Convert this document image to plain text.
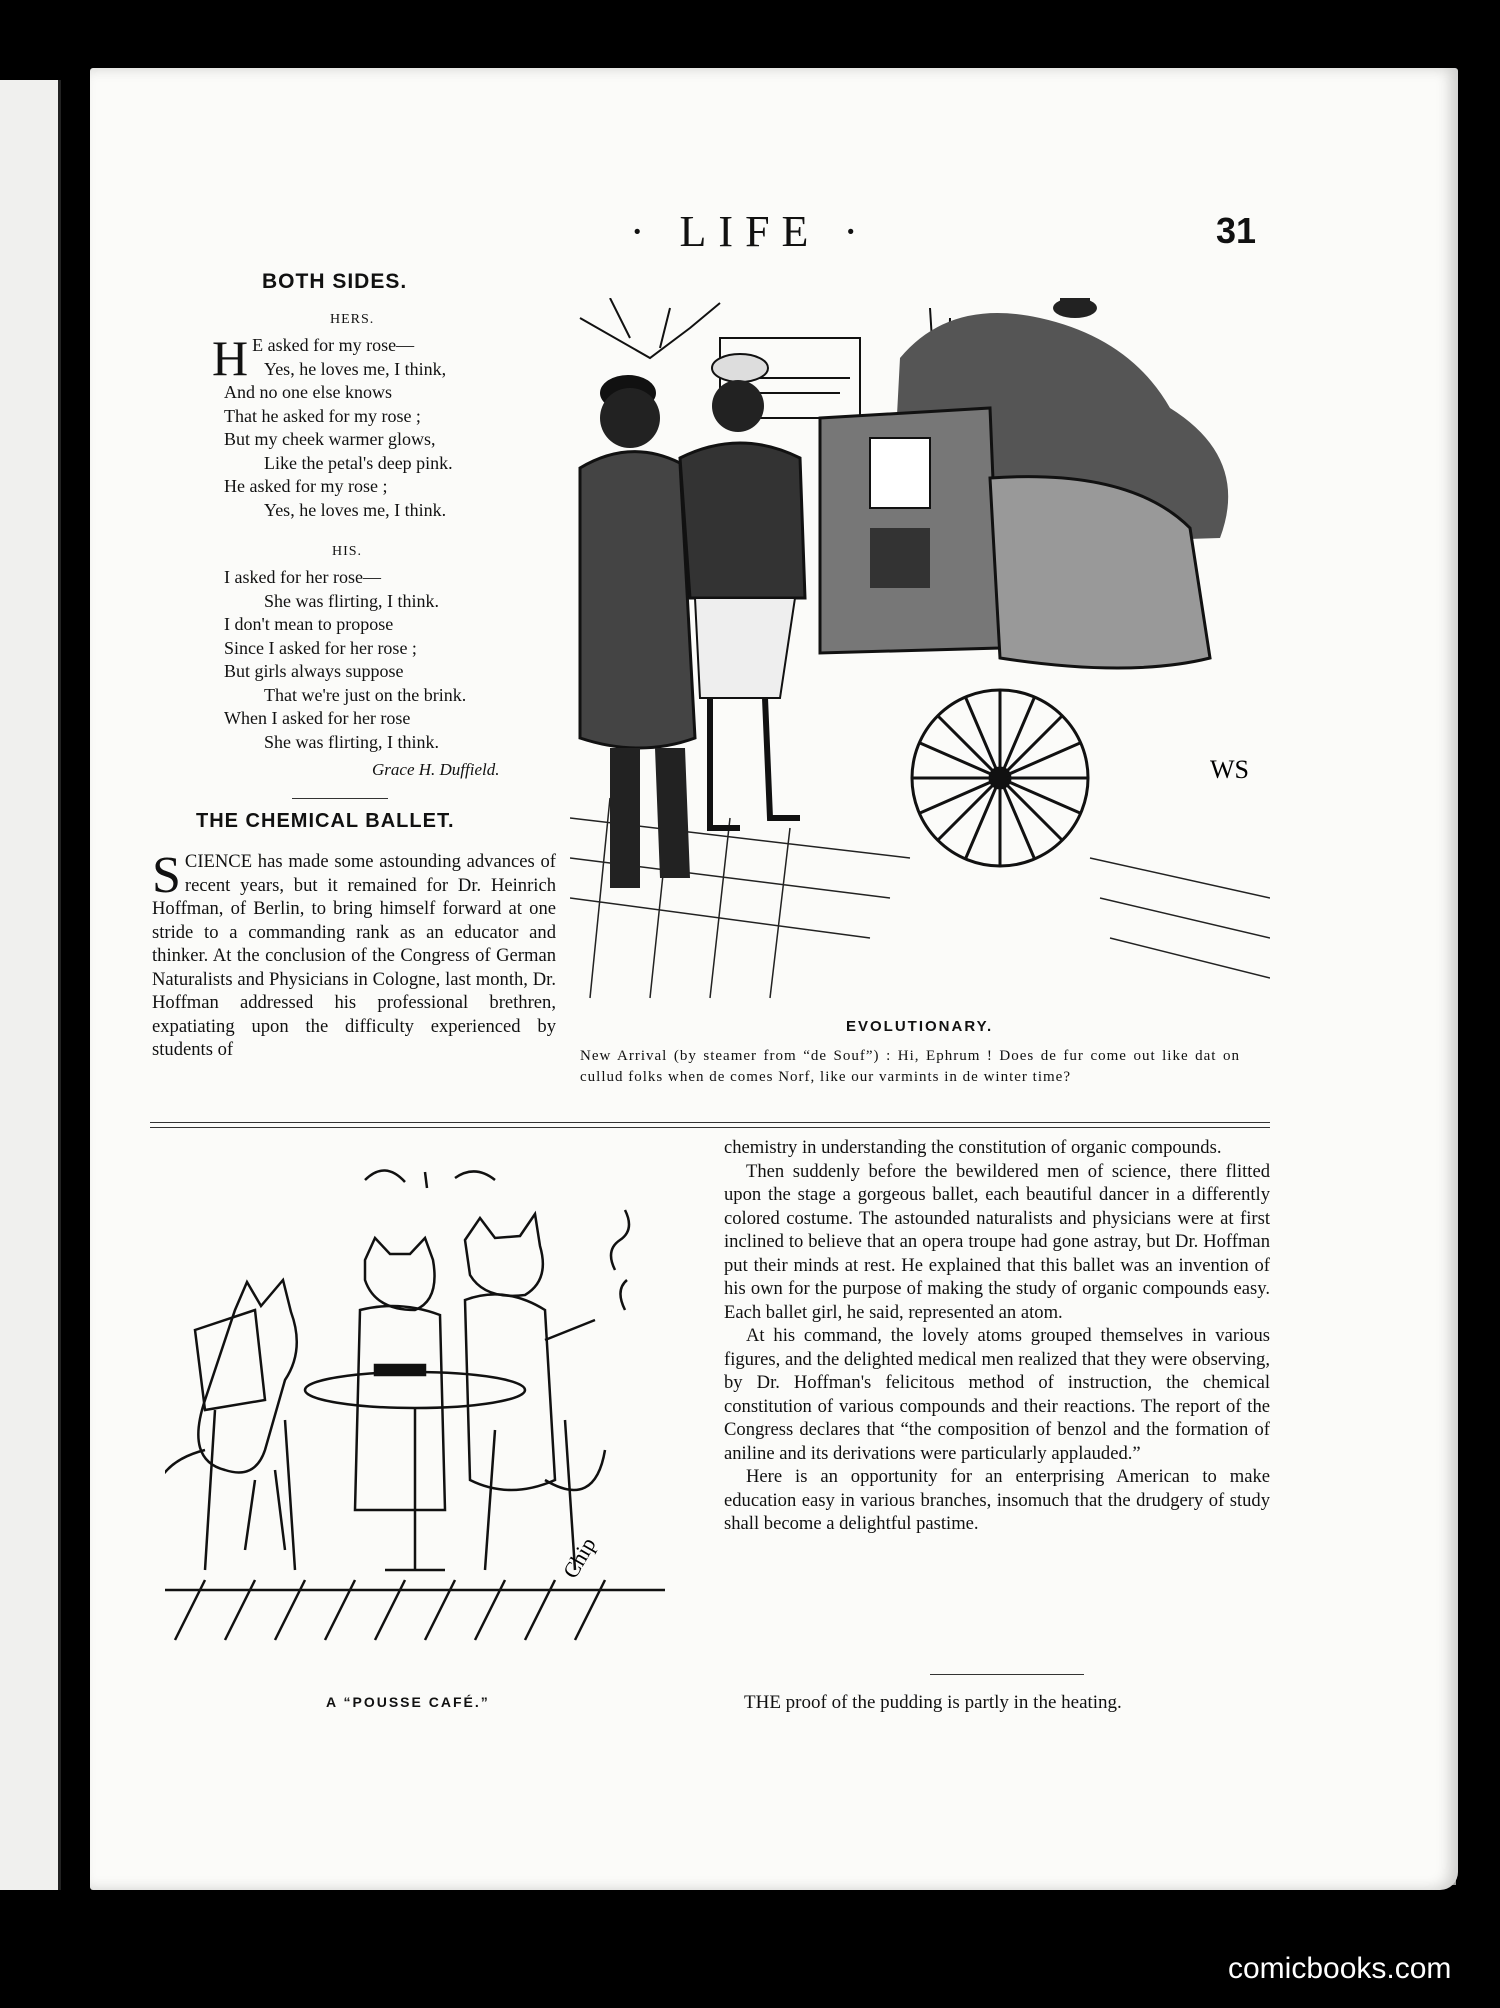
· LIFE ·	31
BOTH SIDES.
HERS.
H E asked for my rose—
Yes, he loves me, I think,
And no one else knows
That he asked for my rose ;
But my cheek warmer glows,
Like the petal's deep pink.
He asked for my rose ;
Yes, he loves me, I think.
HIS.
I asked for her rose—
She was flirting, I think.
I don't mean to propose
Since I asked for her rose ;
But girls always suppose
That we're just on the brink.
When I asked for her rose
She was flirting, I think.
Grace H. Duffield.
THE CHEMICAL BALLET.
S CIENCE has made some astounding advances of recent years, but it remained for Dr. Heinrich Hoffman, of Berlin, to bring himself forward at one stride to a commanding rank as an educator and thinker. At the conclusion of the Congress of German Naturalists and Physicians in Cologne, last month, Dr. Hoffman addressed his professional brethren, expatiating upon the difficulty experienced by students of
WS
EVOLUTIONARY.
New Arrival (by steamer from “de Souf”) : Hi, Ephrum ! Does de fur come out like dat on cullud folks when de comes Norf, like our varmints in de winter time?

chemistry in understanding the constitution of organic compounds.

Then suddenly before the bewildered men of science, there flitted upon the stage a gorgeous ballet, each beautiful dancer in a differently colored costume. The astounded naturalists and physicians were at first inclined to believe that an opera troupe had gone astray, but Dr. Hoffman put their minds at rest. He explained that this ballet was an invention of his own for the purpose of making the study of organic compounds easy. Each ballet girl, he said, represented an atom.

At his command, the lovely atoms grouped themselves in various figures, and the delighted medical men realized that they were observing, by Dr. Hoffman's felicitous method of instruction, the chemical constitution of various compounds and their reactions. The report of the Congress declares that “the composition of benzol and the formation of aniline and its derivations were particularly applauded.”

Here is an opportunity for an enterprising American to make education easy in various branches, insomuch that the drudgery of study shall become a delightful pastime.

Chip
A “POUSSE CAFÉ.”	THE proof of the pudding is partly in the heating.
comicbooks.com
